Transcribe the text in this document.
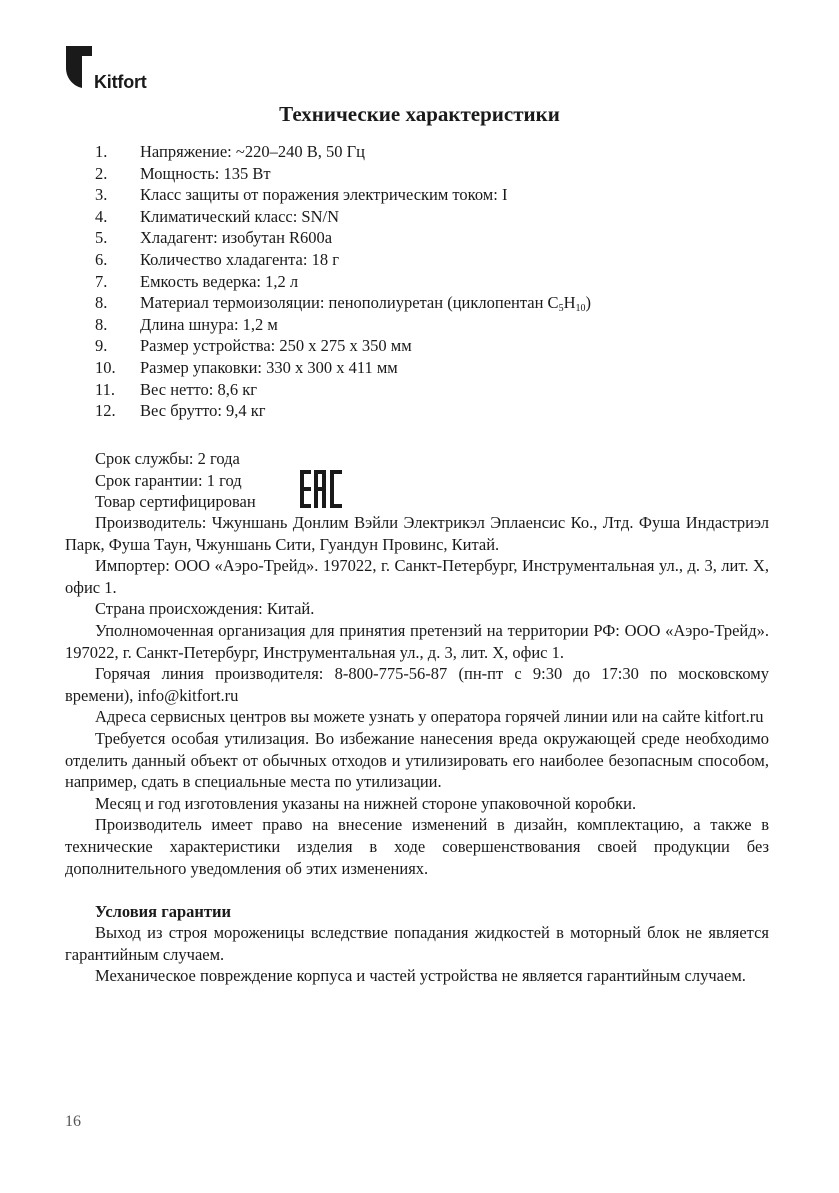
Kitfort
Технические характеристики
1. Напряжение: ~220–240 В, 50 Гц
2. Мощность: 135 Вт
3. Класс защиты от поражения электрическим током: I
4. Климатический класс: SN/N
5. Хладагент: изобутан R600a
6. Количество хладагента: 18 г
7. Емкость ведерка: 1,2 л
8. Материал термоизоляции: пенополиуретан (циклопентан $C_5H_{10}$)
8. Длина шнура: 1,2 м
9. Размер устройства: 250 x 275 x 350 мм
10. Размер упаковки: 330 x 300 x 411 мм
11. Вес нетто: 8,6 кг
12. Вес брутто: 9,4 кг
Срок службы: 2 года
Срок гарантии: 1 год
Товар сертифицирован

Производитель: Чжуншань Донлим Вэйли Электрикэл Эплаенсис Ко., Лтд. Фуша Индастриэл Парк, Фуша Таун, Чжуншань Сити, Гуандун Провинс, Китай.

Импортер: ООО «Аэро-Трейд». 197022, г. Санкт-Петербург, Инструментальная ул., д. 3, лит. Х, офис 1.

Страна происхождения: Китай.

Уполномоченная организация для принятия претензий на территории РФ: ООО «Аэро-Трейд». 197022, г. Санкт-Петербург, Инструментальная ул., д. 3, лит. Х, офис 1.

Горячая линия производителя: 8-800-775-56-87 (пн-пт с 9:30 до 17:30 по московскому времени), info@kitfort.ru

Адреса сервисных центров вы можете узнать у оператора горячей линии или на сайте kitfort.ru

Требуется особая утилизация. Во избежание нанесения вреда окружающей среде необходимо отделить данный объект от обычных отходов и утилизировать его наиболее безопасным способом, например, сдать в специальные места по утилизации.

Месяц и год изготовления указаны на нижней стороне упаковочной коробки.

Производитель имеет право на внесение изменений в дизайн, комплектацию, а также в технические характеристики изделия в ходе совершенствования своей продукции без дополнительного уведомления об этих изменениях.

Условия гарантии

Выход из строя мороженицы вследствие попадания жидкостей в моторный блок не является гарантийным случаем.

Механическое повреждение корпуса и частей устройства не является гарантийным случаем.

16
